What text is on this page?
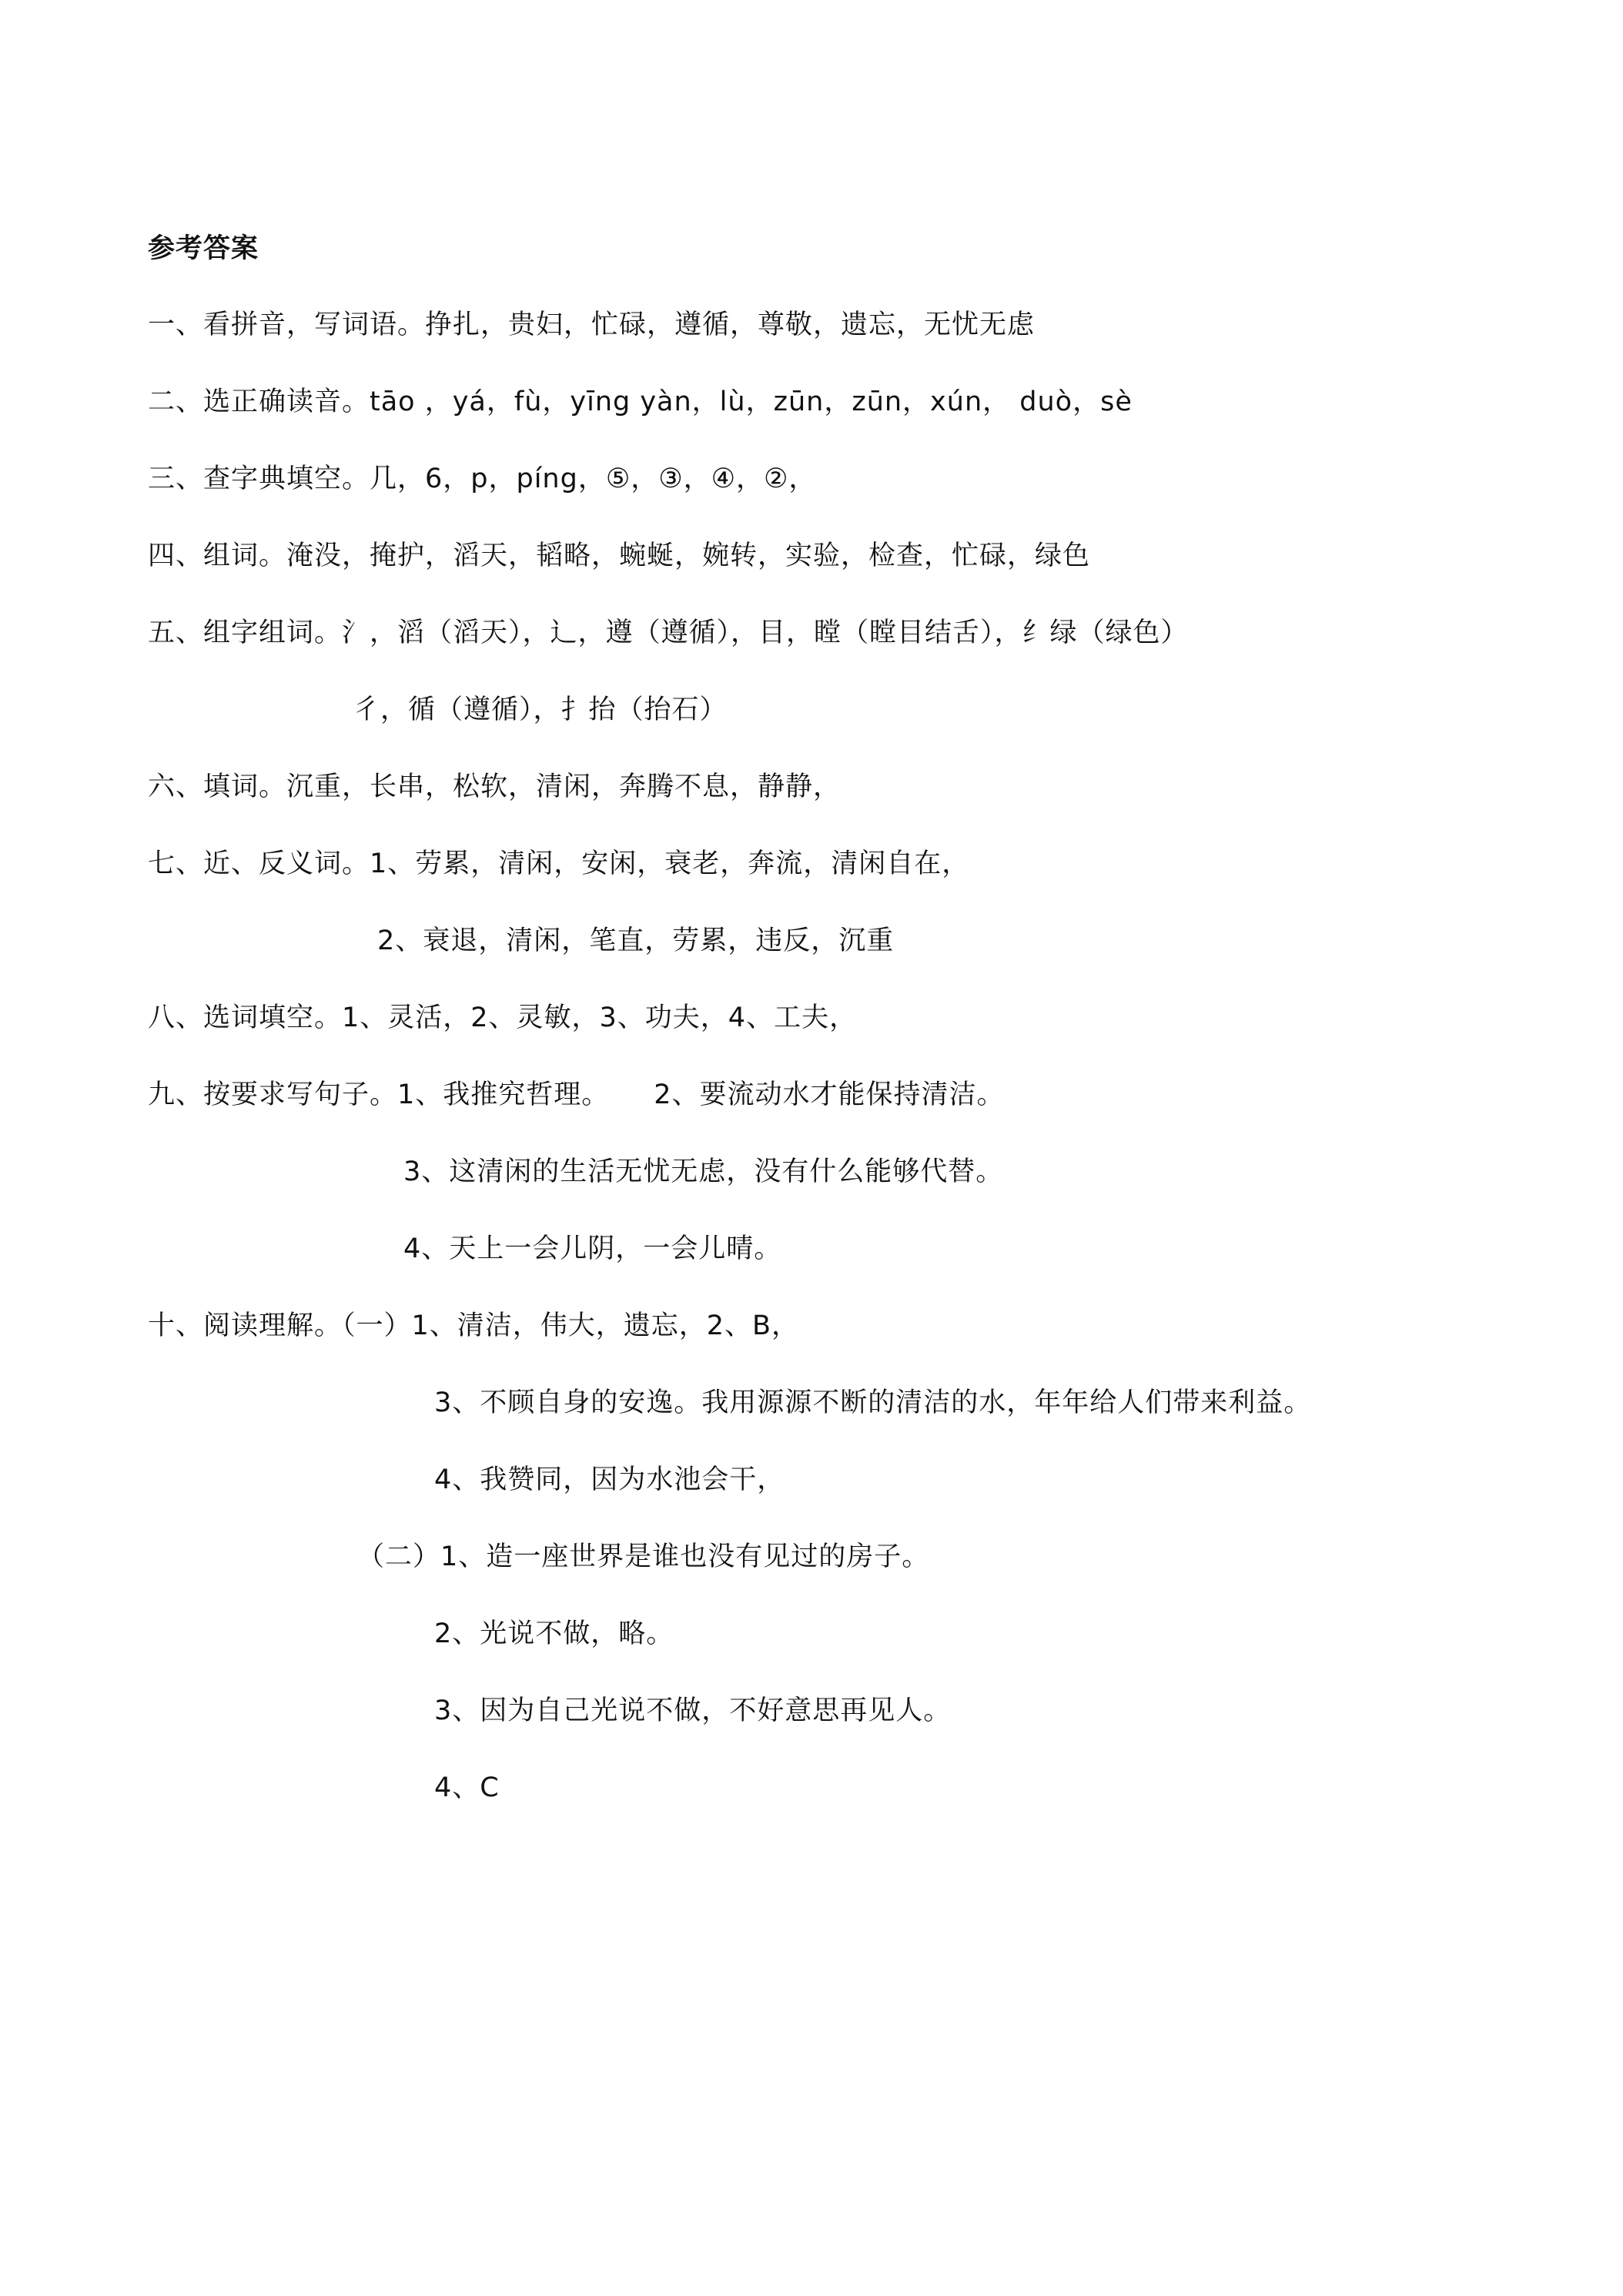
参考答案
一、看拼音，写词语。挣扎，贵妇，忙碌，遵循，尊敬，遗忘，无忧无虑
二、选正确读音。tāo ，yá，fù，yīng yàn，lù，zūn，zūn，xún， duò，sè
三、查字典填空。几，6，p，píng，⑤，③，④，②，
四、组词。淹没，掩护，滔天，韬略，蜿蜒，婉转，实验，检查，忙碌，绿色
五、组字组词。氵，滔（滔天），辶，遵（遵循），目，瞠（瞠目结舌），纟绿（绿色）
彳，循（遵循），扌抬（抬石）
六、填词。沉重，长串，松软，清闲，奔腾不息，静静，
七、近、反义词。1、劳累，清闲，安闲，衰老，奔流，清闲自在，
2、衰退，清闲，笔直，劳累，违反，沉重
八、选词填空。1、灵活，2、灵敏，3、功夫，4、工夫，
九、按要求写句子。1、我推究哲理。 2、要流动水才能保持清洁。
3、这清闲的生活无忧无虑，没有什么能够代替。
4、天上一会儿阴，一会儿晴。
十、阅读理解。（一）1、清洁，伟大，遗忘，2、B，
3、不顾自身的安逸。我用源源不断的清洁的水，年年给人们带来利益。
4、我赞同，因为水池会干，
（二）1、造一座世界是谁也没有见过的房子。
2、光说不做，略。
3、因为自己光说不做，不好意思再见人。
4、C
